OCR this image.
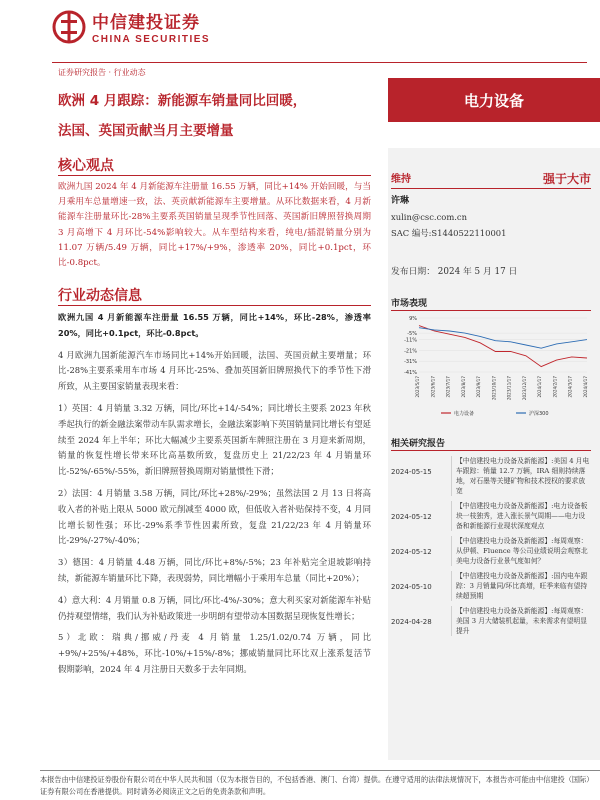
中信建投证券
CHINA SECURITIES
证券研究报告 · 行业动态
欧洲 4 月跟踪：新能源车销量同比回暖，
法国、英国贡献当月主要增量
电力设备
核心观点
欧洲九国 2024 年 4 月新能源车注册量 16.55 万辆，同比+14% 开始回暖，与当月乘用车总量增速一致，法、英贡献新能源车主要增量。从环比数据来看，4 月新能源车注册量环比-28%主要系英国销量呈现季节性回落、英国新旧牌照替换周期 3 月高增下 4 月环比-54%影响较大。从车型结构来看，纯电/插混销量分别为 11.07 万辆/5.49 万辆，同比+17%/+9%，渗透率 20%，同比+0.1pct，环比-0.8pct。
行业动态信息

欧洲九国 4 月新能源车注册量 16.55 万辆，同比+14%，环比-28%，渗透率 20%，同比+0.1pct，环比-0.8pct。

4 月欧洲九国新能源汽车市场同比+14%开始回暖，法国、英国贡献主要增量；环比-28%主要系乘用车市场 4 月环比-25%、叠加英国新旧牌照换代下的季节性下滑所致，从主要国家销量表现来看：

1）英国：4 月销量 3.32 万辆，同比/环比+14/-54%；同比增长主要系 2023 年秋季起执行的新金融法案带动车队需求增长，金融法案影响下英国销量同比增长有望延续至 2024 年上半年；环比大幅减少主要系英国新车牌照注册在 3 月迎来新周期，销量的恢复性增长带来环比高基数所致，复盘历史上 21/22/23 年 4 月销量环比-52%/-65%/-55%，新旧牌照替换周期对销量惯性下滑；

2）法国：4 月销量 3.58 万辆，同比/环比+28%/-29%；虽然法国 2 月 13 日将高收入者的补贴上限从 5000 欧元削减至 4000 欧，但低收入者补贴保持不变，4 月同比增长韧性强；环比-29%系季节性因素所致，复盘 21/22/23 年 4 月销量环比-29%/-27%/-40%；

3）德国：4 月销量 4.48 万辆，同比/环比+8%/-5%；23 年补贴完全退坡影响持续，新能源车销量环比下降，表现弱势，同比增幅小于乘用车总量（同比+20%）；

4）意大利：4 月销量 0.8 万辆，同比/环比-4%/-30%；意大利买家对新能源车补贴仍持观望情绪，我们认为补贴政策进一步明朗有望带动本国数据呈现恢复性增长；

5）北欧：瑞典/挪威/丹麦 4 月销量 1.25/1.02/0.74 万辆，同比+9%/+25%/+48%，环比-10%/+15%/-8%；挪威销量同比环比双上涨系复活节假期影响，2024 年 4 月注册日天数多于去年同期。

维持	强于大市
许琳
xulin@csc.com.cn
SAC 编号:S1440522110001
发布日期： 2024 年 5 月 17 日
市场表现
9%
-5%
-11%
-21%
-31%
-41%
2023/5/17 2023/6/17 2023/7/17 2023/8/17 2023/9/17 2023/10/17 2023/11/17 2023/12/17 2024/1/17 2024/2/17 2024/3/17 2024/4/17
电力设备	沪深300
相关研究报告
2024-05-15
【中信建投电力设备及新能源】:美国 4 月电车跟踪：销量 12.7 万辆，IRA 细则持续落地，对石墨等关键矿物和技术授权的要求放宽
2024-05-12
【中信建投电力设备及新能源】:电力设备板块一枝独秀，进入涨长景气周期——电力设备和新能源行业现状深度观点
2024-05-12
【中信建投电力设备及新能源】:每周观察：从伊顿、Fluence 等公司业绩说明会观察北美电力设备行业景气度如何？
2024-05-10
【中信建投电力设备及新能源】:国内电车跟踪：3 月销量同/环比高增，旺季来临有望持续超预期
2024-04-28
【中信建投电力设备及新能源】:每周观察：美国 3 月大储装机起量，未来需求有望明显提升
本报告由中信建投证券股份有限公司在中华人民共和国（仅为本报告目的，不包括香港、澳门、台湾）提供。在遵守适用的法律法规情况下，本报告亦可能由中信建投（国际）证券有限公司在香港提供。同时请务必阅读正文之后的免责条款和声明。
